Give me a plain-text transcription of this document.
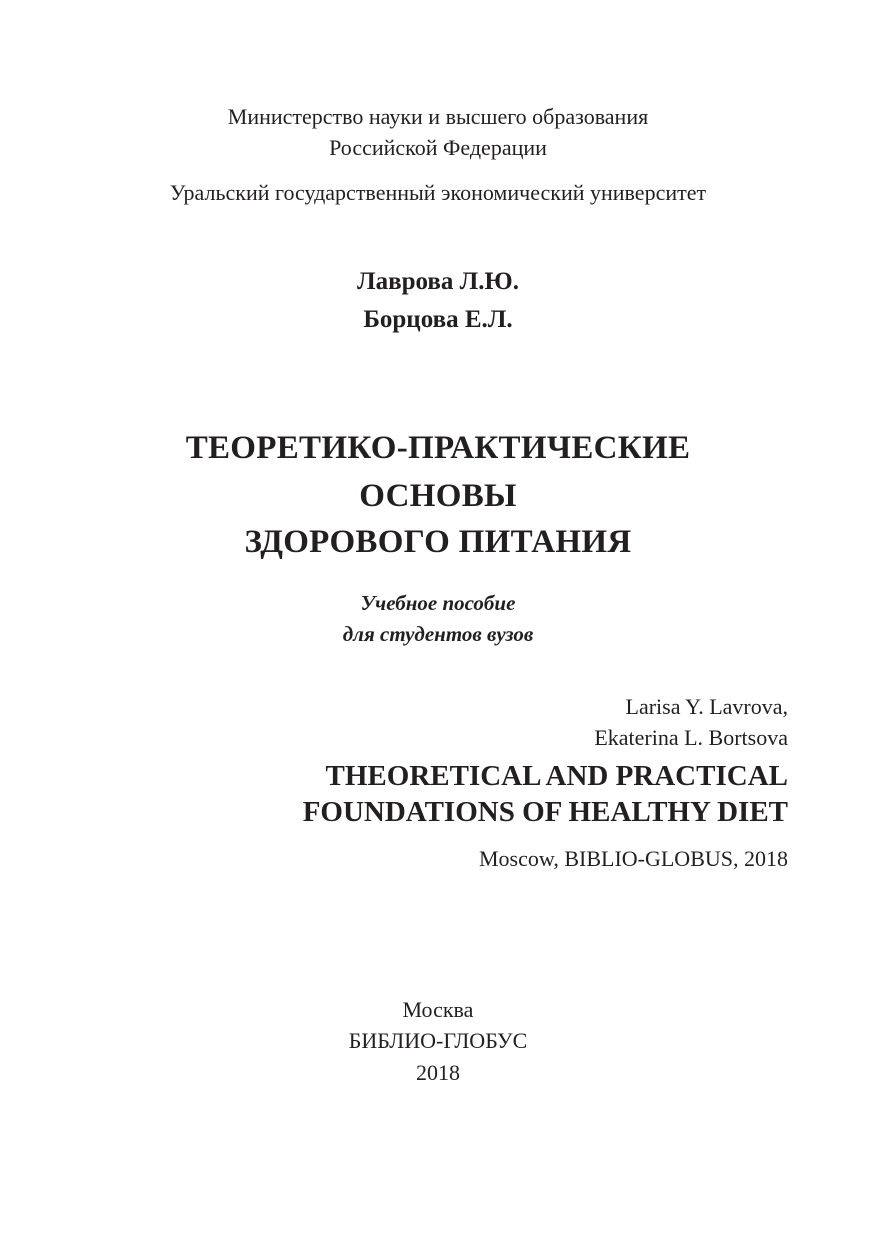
Министерство науки и высшего образования
Российской Федерации
Уральский государственный экономический университет
Лаврова Л.Ю.
Борцова Е.Л.
ТЕОРЕТИКО-ПРАКТИЧЕСКИЕ
ОСНОВЫ
ЗДОРОВОГО ПИТАНИЯ
Учебное пособие
для студентов вузов
Larisa Y. Lavrova,
Ekaterina L. Bortsova
THEORETICAL AND PRACTICAL
FOUNDATIONS OF HEALTHY DIET
Moscow, BIBLIO-GLOBUS, 2018
Москва
БИБЛИО-ГЛОБУС
2018
